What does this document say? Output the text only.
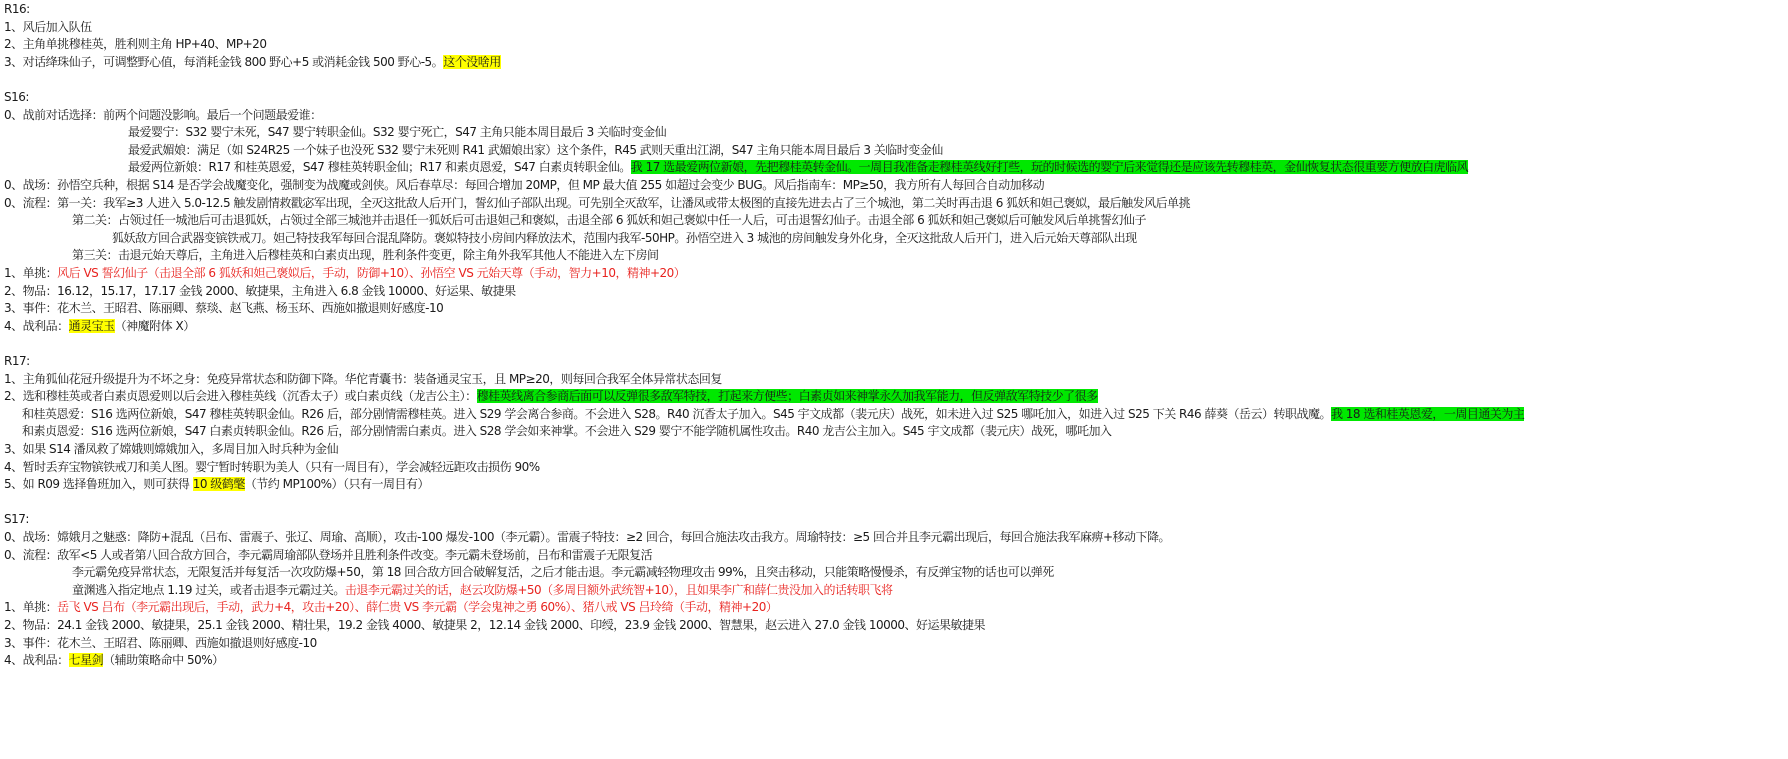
R16:
1、风后加入队伍
2、主角单挑穆桂英，胜利则主角 HP+40、MP+20
3、对话绛珠仙子，可调整野心值，每消耗金钱 800 野心+5 或消耗金钱 500 野心-5。这个没啥用
S16:
0、战前对话选择：前两个问题没影响。最后一个问题最爱谁：
最爱婴宁：S32 婴宁未死，S47 婴宁转职金仙。S32 婴宁死亡，S47 主角只能本周目最后 3 关临时变金仙
最爱武媚娘：满足（如 S24R25 一个妹子也没死 S32 婴宁未死则 R41 武媚娘出家）这个条件，R45 武则天重出江湖，S47 主角只能本周目最后 3 关临时变金仙
最爱两位新娘：R17 和桂英恩爱，S47 穆桂英转职金仙；R17 和素贞恩爱，S47 白素贞转职金仙。我 17 选最爱两位新娘，先把穆桂英转金仙。一周目我准备走穆桂英线好打些，玩的时候选的婴宁后来觉得还是应该先转穆桂英，金仙恢复状态很重要方便放白虎临风
0、战场：孙悟空兵种，根据 S14 是否学会战魔变化，强制变为战魔或剑侠。风后春草尽：每回合增加 20MP，但 MP 最大值 255 如超过会变少 BUG。风后指南车：MP≥50，我方所有人每回合自动加移动
0、流程：第一关：我军≥3 人进入 5.0-12.5 触发剧情救戳宓军出现，全灭这批敌人后开门，誓幻仙子部队出现。可先别全灭敌军，让潘凤或带太极图的直接先进去占了三个城池，第二关时再击退 6 狐妖和妲己褒姒，最后触发风后单挑
第二关：占领过任一城池后可击退狐妖，占领过全部三城池并击退任一狐妖后可击退妲己和褒姒，击退全部 6 狐妖和妲己褒姒中任一人后，可击退誓幻仙子。击退全部 6 狐妖和妲己褒姒后可触发风后单挑誓幻仙子
狐妖敌方回合武器变镔铁戒刀。妲己特技我军每回合混乱降防。褒姒特技小房间内释放法术，范围内我军-50HP。孙悟空进入 3 城池的房间触发身外化身，全灭这批敌人后开门，进入后元始天尊部队出现
第三关：击退元始天尊后，主角进入后穆桂英和白素贞出现，胜利条件变更，除主角外我军其他人不能进入左下房间
1、单挑：风后 VS 誓幻仙子（击退全部 6 狐妖和妲己褒姒后，手动，防御+10）、孙悟空 VS 元始天尊（手动，智力+10，精神+20）
2、物品：16.12，15.17，17.17 金钱 2000、敏捷果，主角进入 6.8 金钱 10000、好运果、敏捷果
3、事件：花木兰、王昭君、陈丽卿、蔡琰、赵飞燕、杨玉环、西施如撤退则好感度-10
4、战利品：通灵宝玉（神魔附体 X）
R17:
1、主角狐仙花冠升级提升为不坏之身：免疫异常状态和防御下降。华佗青囊书：装备通灵宝玉，且 MP≥20，则每回合我军全体异常状态回复
2、选和穆桂英或者白素贞恩爱则以后会进入穆桂英线（沉香太子）或白素贞线（龙吉公主）：穆桂英线离合参商后面可以反弹很多敌军特技，打起来方便些；白素贞如来神掌永久加我军能力，但反弹敌军特技少了很多
和桂英恩爱：S16 选两位新娘，S47 穆桂英转职金仙。R26 后，部分剧情需穆桂英。进入 S29 学会离合参商。不会进入 S28。R40 沉香太子加入。S45 宇文成都（裴元庆）战死，如未进入过 S25 哪吒加入，如进入过 S25 下关 R46 薛葵（岳云）转职战魔。我 18 选和桂英恩爱，一周目通关为主
和素贞恩爱：S16 选两位新娘，S47 白素贞转职金仙。R26 后，部分剧情需白素贞。进入 S28 学会如来神掌。不会进入 S29 婴宁不能学随机属性攻击。R40 龙吉公主加入。S45 宇文成都（裴元庆）战死，哪吒加入
3、如果 S14 潘凤救了嫦娥则嫦娥加入，多周目加入时兵种为金仙
4、暂时丢弃宝物镔铁戒刀和美人图。婴宁暂时转职为美人（只有一周目有），学会减轻远距攻击损伤 90%
5、如 R09 选择鲁班加入，则可获得 10 级鹤氅（节约 MP100%）（只有一周目有）
S17:
0、战场：嫦娥月之魅惑：降防+混乱（吕布、雷震子、张辽、周瑜、高顺），攻击-100 爆发-100（李元霸）。雷震子特技：≥2 回合，每回合施法攻击我方。周瑜特技：≥5 回合并且李元霸出现后，每回合施法我军麻痹+移动下降。
0、流程：敌军<5 人或者第八回合敌方回合，李元霸周瑜部队登场并且胜利条件改变。李元霸未登场前，吕布和雷震子无限复活
李元霸免疫异常状态，无限复活并每复活一次攻防爆+50，第 18 回合敌方回合破解复活，之后才能击退。李元霸减轻物理攻击 99%，且突击移动，只能策略慢慢杀，有反弹宝物的话也可以弹死
童渊逃入指定地点 1.19 过关，或者击退李元霸过关。击退李元霸过关的话，赵云攻防爆+50（多周目额外武统智+10），且如果李广和薛仁贵没加入的话转职飞将
1、单挑：岳飞 VS 吕布（李元霸出现后，手动，武力+4，攻击+20）、薛仁贵 VS 李元霸（学会鬼神之勇 60%）、猪八戒 VS 吕玲绮（手动，精神+20）
2、物品：24.1 金钱 2000、敏捷果，25.1 金钱 2000、精壮果，19.2 金钱 4000、敏捷果 2，12.14 金钱 2000、印绶，23.9 金钱 2000、智慧果，赵云进入 27.0 金钱 10000、好运果敏捷果
3、事件：花木兰、王昭君、陈丽卿、西施如撤退则好感度-10
4、战利品：七星剑（辅助策略命中 50%）
